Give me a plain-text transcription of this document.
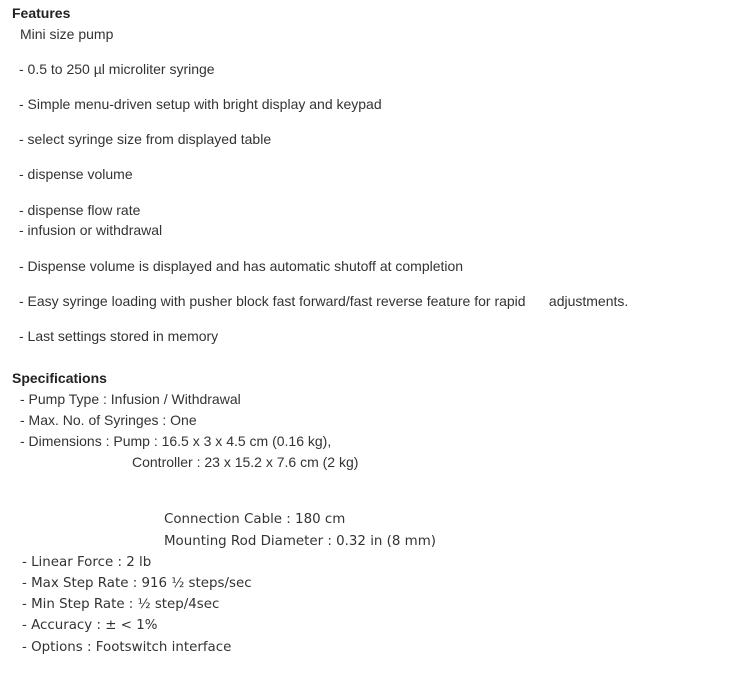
Features
Mini size pump
- 0.5 to 250 µl microliter syringe
- Simple menu-driven setup with bright display and keypad
- select syringe size from displayed table
- dispense volume
- dispense flow rate
- infusion or withdrawal
- Dispense volume is displayed and has automatic shutoff at completion
- Easy syringe loading with pusher block fast forward/fast reverse feature for rapid      adjustments.
- Last settings stored in memory
Specifications
- Pump Type : Infusion / Withdrawal
- Max. No. of Syringes : One
- Dimensions : Pump : 16.5 x 3 x 4.5 cm (0.16 kg),
Controller : 23 x 15.2 x 7.6 cm (2 kg)
Connection Cable : 180 cm
Mounting Rod Diameter : 0.32 in (8 mm)
- Linear Force : 2 lb
- Max Step Rate : 916 ½ steps/sec
- Min Step Rate : ½ step/4sec
- Accuracy : ± < 1%
- Options : Footswitch interface
